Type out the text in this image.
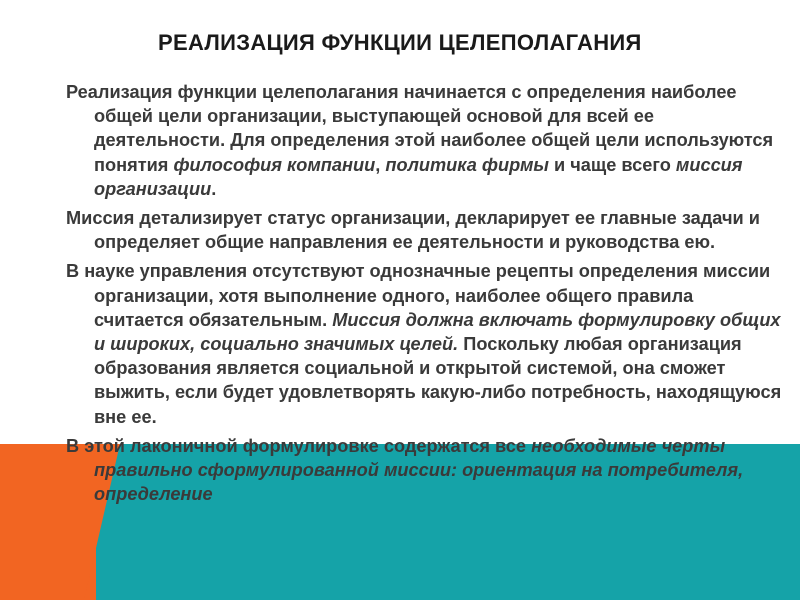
РЕАЛИЗАЦИЯ ФУНКЦИИ ЦЕЛЕПОЛАГАНИЯ

Реализация функции целеполагания начинается с определения наиболее общей цели организации, выступающей основой для всей ее деятельности. Для определения этой наиболее общей цели используются понятия философия компании, политика фирмы и чаще всего миссия организации.

Миссия детализирует статус организации, декларирует ее главные задачи и определяет общие направления ее деятельности и руководства ею.

В науке управления отсутствуют однозначные рецепты определения миссии организации, хотя выполнение одного, наиболее общего правила считается обязательным. Миссия должна включать формулировку общих и широких, социально значимых целей. Поскольку любая организация образования является социальной и открытой системой, она сможет выжить, если будет удовлетворять какую-либо потребность, находящуюся вне ее.

В этой лаконичной формулировке содержатся все необходимые черты правильно сформулированной миссии: ориентация на потребителя, определение
